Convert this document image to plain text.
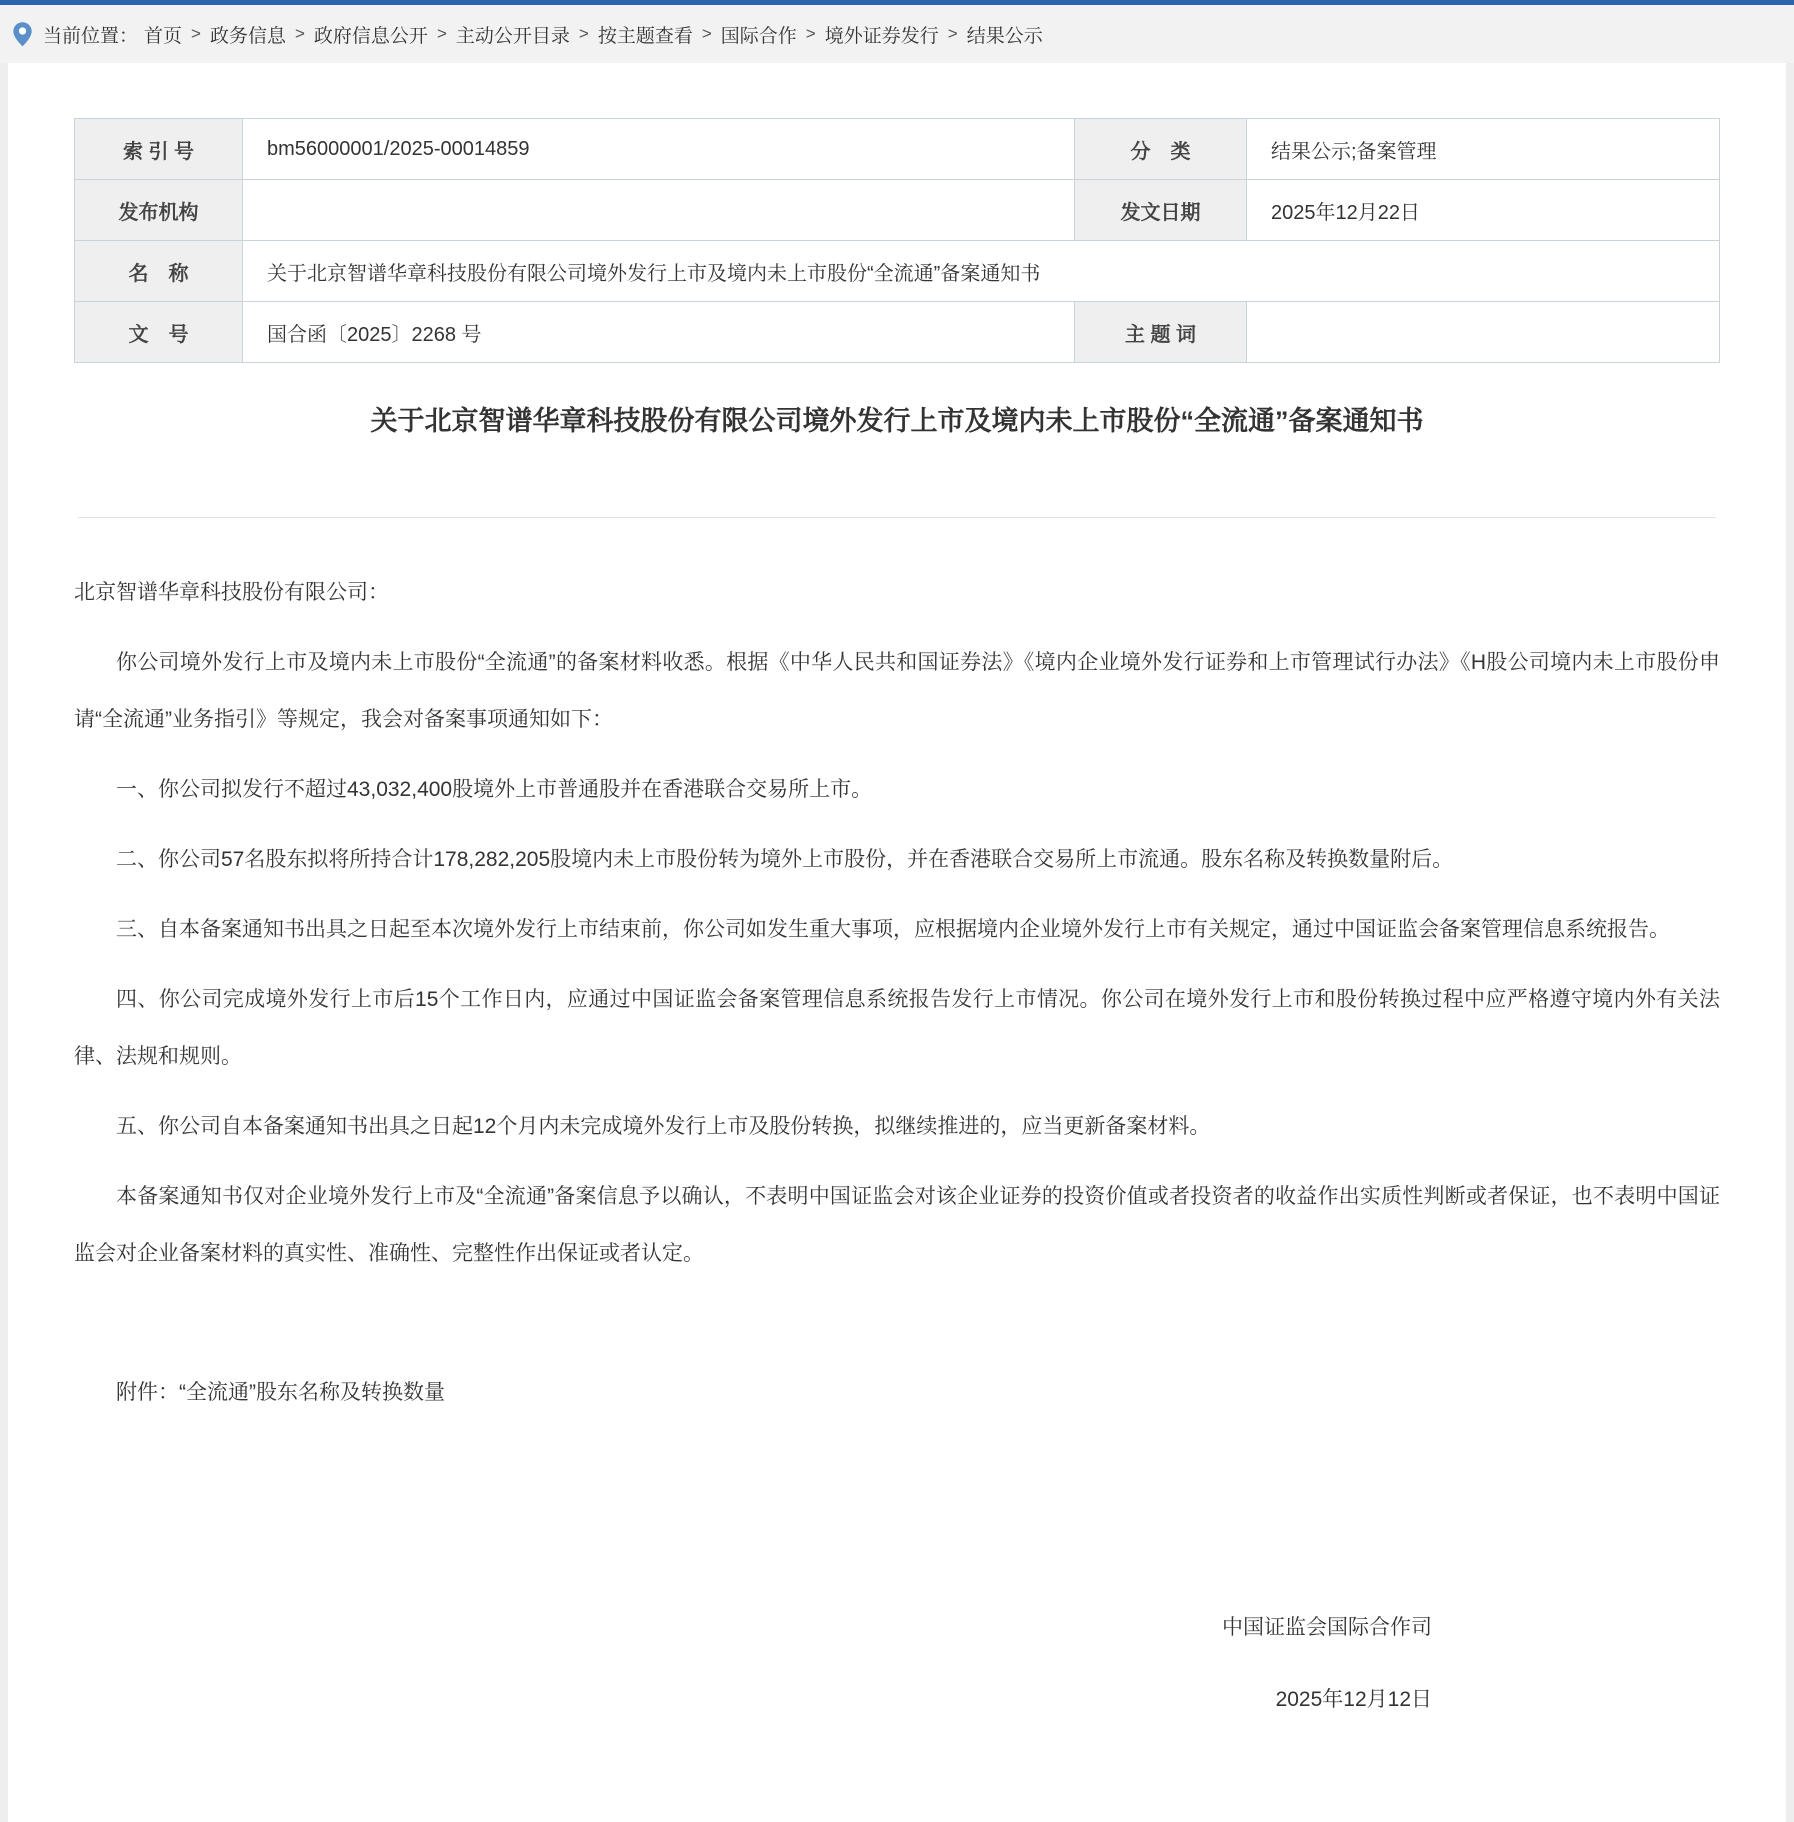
当前位置： 首页 > 政务信息 > 政府信息公开 > 主动公开目录 > 按主题查看 > 国际合作 > 境外证券发行 > 结果公示
索 引 号	bm56000001/2025-00014859	分　类	结果公示;备案管理
发布机构		发文日期	2025年12月22日
名　称	关于北京智谱华章科技股份有限公司境外发行上市及境内未上市股份“全流通”备案通知书		
文　号	国合函〔2025〕2268 号	主 题 词	
关于北京智谱华章科技股份有限公司境外发行上市及境内未上市股份“全流通”备案通知书
北京智谱华章科技股份有限公司：

你公司境外发行上市及境内未上市股份“全流通”的备案材料收悉。根据《中华人民共和国证券法》《境内企业境外发行证券和上市管理试行办法》《H股公司境内未上市股份申请“全流通”业务指引》等规定，我会对备案事项通知如下：

一、你公司拟发行不超过43,032,400股境外上市普通股并在香港联合交易所上市。

二、你公司57名股东拟将所持合计178,282,205股境内未上市股份转为境外上市股份，并在香港联合交易所上市流通。股东名称及转换数量附后。

三、自本备案通知书出具之日起至本次境外发行上市结束前，你公司如发生重大事项，应根据境内企业境外发行上市有关规定，通过中国证监会备案管理信息系统报告。

四、你公司完成境外发行上市后15个工作日内，应通过中国证监会备案管理信息系统报告发行上市情况。你公司在境外发行上市和股份转换过程中应严格遵守境内外有关法律、法规和规则。

五、你公司自本备案通知书出具之日起12个月内未完成境外发行上市及股份转换，拟继续推进的，应当更新备案材料。

本备案通知书仅对企业境外发行上市及“全流通”备案信息予以确认，不表明中国证监会对该企业证券的投资价值或者投资者的收益作出实质性判断或者保证，也不表明中国证监会对企业备案材料的真实性、准确性、完整性作出保证或者认定。

附件：“全流通”股东名称及转换数量
中国证监会国际合作司
2025年12月12日
